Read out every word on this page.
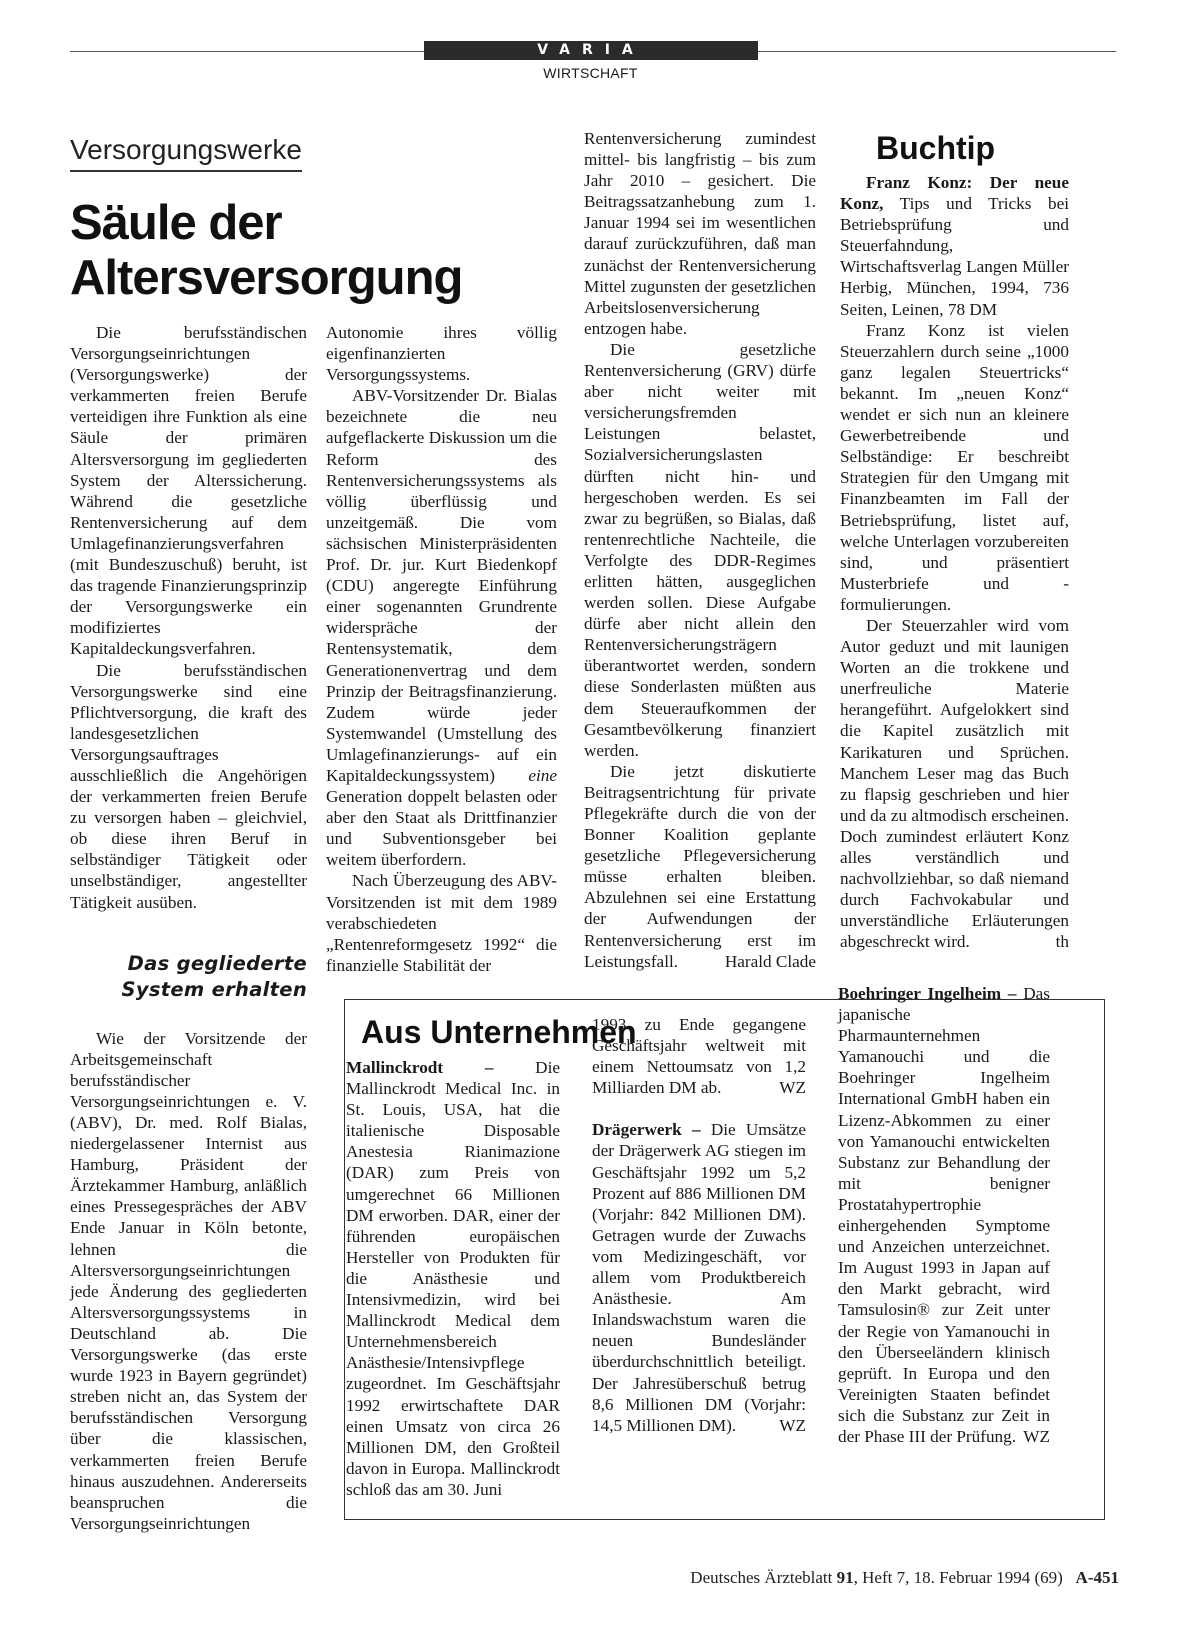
VARIA
WIRTSCHAFT
Versorgungswerke
Säule der
Altersversorgung

Die berufsständischen Versorgungseinrichtungen (Versorgungswerke) der verkammerten freien Berufe verteidigen ihre Funktion als eine Säule der primären Altersversorgung im gegliederten System der Alterssicherung. Während die gesetzliche Rentenversicherung auf dem Umlagefinanzierungsverfahren (mit Bundeszuschuß) beruht, ist das tragende Finanzierungsprinzip der Versorgungswerke ein modifiziertes Kapitaldeckungsverfahren.

Die berufsständischen Versorgungswerke sind eine Pflichtversorgung, die kraft des landesgesetzlichen Versorgungsauftrages ausschließlich die Angehörigen der verkammerten freien Berufe zu versorgen haben – gleichviel, ob diese ihren Beruf in selbständiger Tätigkeit oder unselbständiger, angestellter Tätigkeit ausüben.

Das gegliederte
System erhalten

Wie der Vorsitzende der Arbeitsgemeinschaft berufsständischer Versorgungseinrichtungen e. V. (ABV), Dr. med. Rolf Bialas, niedergelassener Internist aus Hamburg, Präsident der Ärztekammer Hamburg, anläßlich eines Pressegespräches der ABV Ende Januar in Köln betonte, lehnen die Altersversorgungseinrichtungen jede Änderung des gegliederten Altersversorgungssystems in Deutschland ab. Die Versorgungswerke (das erste wurde 1923 in Bayern gegründet) streben nicht an, das System der berufsständischen Versorgung über die klassischen, verkammerten freien Berufe hinaus auszudehnen. Andererseits beanspruchen die Versorgungseinrichtungen

Autonomie ihres völlig eigenfinanzierten Versorgungssystems.

ABV-Vorsitzender Dr. Bialas bezeichnete die neu aufgeflackerte Diskussion um die Reform des Rentenversicherungssystems als völlig überflüssig und unzeitgemäß. Die vom sächsischen Ministerpräsidenten Prof. Dr. jur. Kurt Biedenkopf (CDU) angeregte Einführung einer sogenannten Grundrente widerspräche der Rentensystematik, dem Generationenvertrag und dem Prinzip der Beitragsfinanzierung. Zudem würde jeder Systemwandel (Umstellung des Umlagefinanzierungs- auf ein Kapitaldeckungssystem) eine Generation doppelt belasten oder aber den Staat als Drittfinanzier und Subventionsgeber bei weitem überfordern.

Nach Überzeugung des ABV-Vorsitzenden ist mit dem 1989 verabschiedeten „Rentenreformgesetz 1992“ die finanzielle Stabilität der

Rentenversicherung zumindest mittel- bis langfristig – bis zum Jahr 2010 – gesichert. Die Beitragssatzanhebung zum 1. Januar 1994 sei im wesentlichen darauf zurückzuführen, daß man zunächst der Rentenversicherung Mittel zugunsten der gesetzlichen Arbeitslosenversicherung entzogen habe.

Die gesetzliche Rentenversicherung (GRV) dürfe aber nicht weiter mit versicherungsfremden Leistungen belastet, Sozialversicherungslasten dürften nicht hin- und hergeschoben werden. Es sei zwar zu begrüßen, so Bialas, daß rentenrechtliche Nachteile, die Verfolgte des DDR-Regimes erlitten hätten, ausgeglichen werden sollen. Diese Aufgabe dürfe aber nicht allein den Rentenversicherungsträgern überantwortet werden, sondern diese Sonderlasten müßten aus dem Steueraufkommen der Gesamtbevölkerung finanziert werden.

Die jetzt diskutierte Beitragsentrichtung für private Pflegekräfte durch die von der Bonner Koalition geplante gesetzliche Pflegeversicherung müsse erhalten bleiben. Abzulehnen sei eine Erstattung der Aufwendungen der Rentenversicherung erst im Leistungsfall.	Harald Clade

Buchtip

Franz Konz: Der neue Konz, Tips und Tricks bei Betriebsprüfung und Steuerfahndung, Wirtschaftsverlag Langen Müller Herbig, München, 1994, 736 Seiten, Leinen, 78 DM

Franz Konz ist vielen Steuerzahlern durch seine „1000 ganz legalen Steuertricks“ bekannt. Im „neuen Konz“ wendet er sich nun an kleinere Gewerbetreibende und Selbständige: Er beschreibt Strategien für den Umgang mit Finanzbeamten im Fall der Betriebsprüfung, listet auf, welche Unterlagen vorzubereiten sind, und präsentiert Musterbriefe und -formulierungen.

Der Steuerzahler wird vom Autor geduzt und mit launigen Worten an die trokkene und unerfreuliche Materie herangeführt. Aufgelokkert sind die Kapitel zusätzlich mit Karikaturen und Sprüchen. Manchem Leser mag das Buch zu flapsig geschrieben und hier und da zu altmodisch erscheinen. Doch zumindest erläutert Konz alles verständlich und nachvollziehbar, so daß niemand durch Fachvokabular und unverständliche Erläuterungen abgeschreckt wird.	th

Aus Unternehmen

Mallinckrodt – Die Mallinckrodt Medical Inc. in St. Louis, USA, hat die italienische Disposable Anestesia Rianimazione (DAR) zum Preis von umgerechnet 66 Millionen DM erworben. DAR, einer der führenden europäischen Hersteller von Produkten für die Anästhesie und Intensivmedizin, wird bei Mallinckrodt Medical dem Unternehmensbereich Anästhesie/Intensivpflege zugeordnet. Im Geschäftsjahr 1992 erwirtschaftete DAR einen Umsatz von circa 26 Millionen DM, den Großteil davon in Europa. Mallinckrodt schloß das am 30. Juni

1993 zu Ende gegangene Geschäftsjahr weltweit mit einem Nettoumsatz von 1,2 Milliarden DM ab.	WZ

Drägerwerk – Die Umsätze der Drägerwerk AG stiegen im Geschäftsjahr 1992 um 5,2 Prozent auf 886 Millionen DM (Vorjahr: 842 Millionen DM). Getragen wurde der Zuwachs vom Medizingeschäft, vor allem vom Produktbereich Anästhesie. Am Inlandswachstum waren die neuen Bundesländer überdurchschnittlich beteiligt. Der Jahresüberschuß betrug 8,6 Millionen DM (Vorjahr: 14,5 Millionen DM).	WZ

Boehringer Ingelheim – Das japanische Pharmaunternehmen Yamanouchi und die Boehringer Ingelheim International GmbH haben ein Lizenz-Abkommen zu einer von Yamanouchi entwickelten Substanz zur Behandlung der mit benigner Prostatahypertrophie einhergehenden Symptome und Anzeichen unterzeichnet. Im August 1993 in Japan auf den Markt gebracht, wird Tamsulosin® zur Zeit unter der Regie von Yamanouchi in den Überseeländern klinisch geprüft. In Europa und den Vereinigten Staaten befindet sich die Substanz zur Zeit in der Phase III der Prüfung. WZ

Deutsches Ärzteblatt 91, Heft 7, 18. Februar 1994 (69) A-451
